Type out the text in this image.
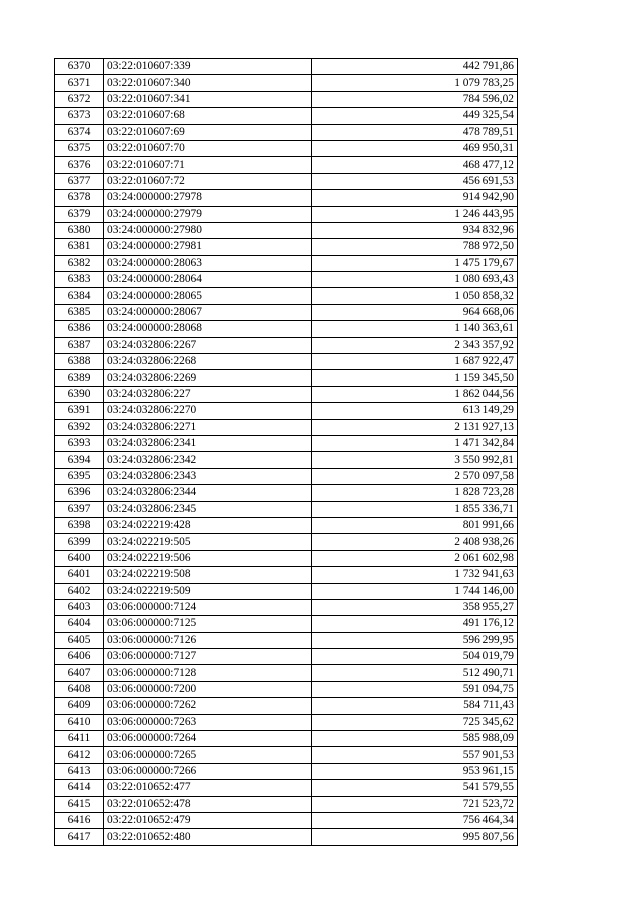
6370	03:22:010607:339	442 791,86
6371	03:22:010607:340	1 079 783,25
6372	03:22:010607:341	784 596,02
6373	03:22:010607:68	449 325,54
6374	03:22:010607:69	478 789,51
6375	03:22:010607:70	469 950,31
6376	03:22:010607:71	468 477,12
6377	03:22:010607:72	456 691,53
6378	03:24:000000:27978	914 942,90
6379	03:24:000000:27979	1 246 443,95
6380	03:24:000000:27980	934 832,96
6381	03:24:000000:27981	788 972,50
6382	03:24:000000:28063	1 475 179,67
6383	03:24:000000:28064	1 080 693,43
6384	03:24:000000:28065	1 050 858,32
6385	03:24:000000:28067	964 668,06
6386	03:24:000000:28068	1 140 363,61
6387	03:24:032806:2267	2 343 357,92
6388	03:24:032806:2268	1 687 922,47
6389	03:24:032806:2269	1 159 345,50
6390	03:24:032806:227	1 862 044,56
6391	03:24:032806:2270	613 149,29
6392	03:24:032806:2271	2 131 927,13
6393	03:24:032806:2341	1 471 342,84
6394	03:24:032806:2342	3 550 992,81
6395	03:24:032806:2343	2 570 097,58
6396	03:24:032806:2344	1 828 723,28
6397	03:24:032806:2345	1 855 336,71
6398	03:24:022219:428	801 991,66
6399	03:24:022219:505	2 408 938,26
6400	03:24:022219:506	2 061 602,98
6401	03:24:022219:508	1 732 941,63
6402	03:24:022219:509	1 744 146,00
6403	03:06:000000:7124	358 955,27
6404	03:06:000000:7125	491 176,12
6405	03:06:000000:7126	596 299,95
6406	03:06:000000:7127	504 019,79
6407	03:06:000000:7128	512 490,71
6408	03:06:000000:7200	591 094,75
6409	03:06:000000:7262	584 711,43
6410	03:06:000000:7263	725 345,62
6411	03:06:000000:7264	585 988,09
6412	03:06:000000:7265	557 901,53
6413	03:06:000000:7266	953 961,15
6414	03:22:010652:477	541 579,55
6415	03:22:010652:478	721 523,72
6416	03:22:010652:479	756 464,34
6417	03:22:010652:480	995 807,56
